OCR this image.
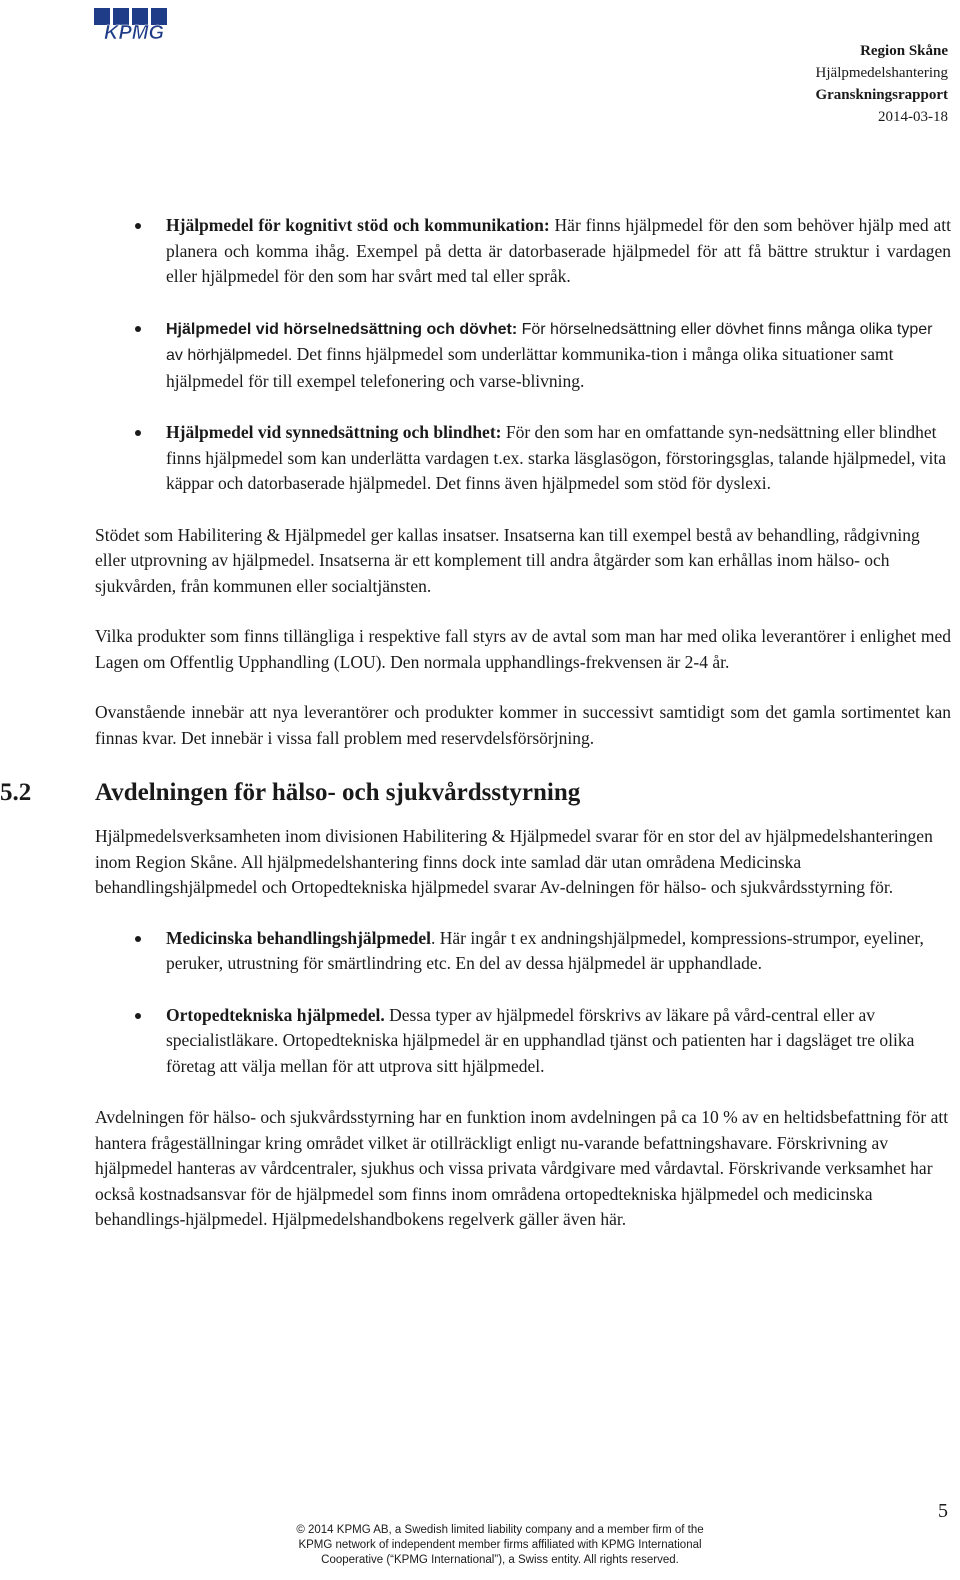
KPMG
Region Skåne
Hjälpmedelshantering
Granskningsrapport
2014-03-18
Hjälpmedel för kognitivt stöd och kommunikation: Här finns hjälpmedel för den som behöver hjälp med att planera och komma ihåg. Exempel på detta är datorbaserade hjälpmedel för att få bättre struktur i vardagen eller hjälpmedel för den som har svårt med tal eller språk.
Hjälpmedel vid hörselnedsättning och dövhet: För hörselnedsättning eller dövhet finns många olika typer av hörhjälpmedel. Det finns hjälpmedel som underlättar kommunika-tion i många olika situationer samt hjälpmedel för till exempel telefonering och varse-blivning.
Hjälpmedel vid synnedsättning och blindhet: För den som har en omfattande syn-nedsättning eller blindhet finns hjälpmedel som kan underlätta vardagen t.ex. starka läsglasögon, förstoringsglas, talande hjälpmedel, vita käppar och datorbaserade hjälpmedel. Det finns även hjälpmedel som stöd för dyslexi.

Stödet som Habilitering & Hjälpmedel ger kallas insatser. Insatserna kan till exempel bestå av behandling, rådgivning eller utprovning av hjälpmedel. Insatserna är ett komplement till andra åtgärder som kan erhållas inom hälso- och sjukvården, från kommunen eller socialtjänsten.

Vilka produkter som finns tillängliga i respektive fall styrs av de avtal som man har med olika leverantörer i enlighet med Lagen om Offentlig Upphandling (LOU). Den normala upphandlings-frekvensen är 2-4 år.

Ovanstående innebär att nya leverantörer och produkter kommer in successivt samtidigt som det gamla sortimentet kan finnas kvar. Det innebär i vissa fall problem med reservdelsförsörjning.

5.2	Avdelningen för hälso- och sjukvårdsstyrning

Hjälpmedelsverksamheten inom divisionen Habilitering & Hjälpmedel svarar för en stor del av hjälpmedelshanteringen inom Region Skåne. All hjälpmedelshantering finns dock inte samlad där utan områdena Medicinska behandlingshjälpmedel och Ortopedtekniska hjälpmedel svarar Av-delningen för hälso- och sjukvårdsstyrning för.

Medicinska behandlingshjälpmedel. Här ingår t ex andningshjälpmedel, kompressions-strumpor, eyeliner, peruker, utrustning för smärtlindring etc. En del av dessa hjälpmedel är upphandlade.
Ortopedtekniska hjälpmedel. Dessa typer av hjälpmedel förskrivs av läkare på vård-central eller av specialistläkare. Ortopedtekniska hjälpmedel är en upphandlad tjänst och patienten har i dagsläget tre olika företag att välja mellan för att utprova sitt hjälpmedel.

Avdelningen för hälso- och sjukvårdsstyrning har en funktion inom avdelningen på ca 10 % av en heltidsbefattning för att hantera frågeställningar kring området vilket är otillräckligt enligt nu-varande befattningshavare. Förskrivning av hjälpmedel hanteras av vårdcentraler, sjukhus och vissa privata vårdgivare med vårdavtal. Förskrivande verksamhet har också kostnadsansvar för de hjälpmedel som finns inom områdena ortopedtekniska hjälpmedel och medicinska behandlings-hjälpmedel. Hjälpmedelshandbokens regelverk gäller även här.

5
© 2014 KPMG AB, a Swedish limited liability company and a member firm of the
KPMG network of independent member firms affiliated with KPMG International
Cooperative (“KPMG International”), a Swiss entity. All rights reserved.
